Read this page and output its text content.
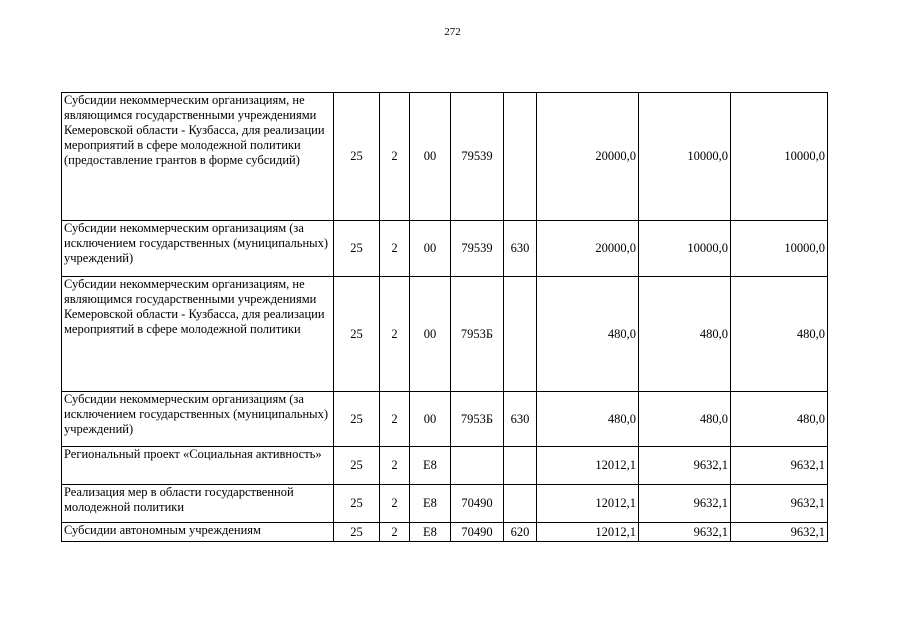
272
Субсидии некоммерческим организациям, не являющимся государственными учреждениями Кемеровской области - Кузбасса, для реализации мероприятий в сфере молодежной политики (предоставление грантов в форме субсидий)	25	2	00	79539		20000,0	10000,0	10000,0
Субсидии некоммерческим организациям (за исключением государственных (муниципальных) учреждений)	25	2	00	79539	630	20000,0	10000,0	10000,0
Субсидии некоммерческим организациям, не являющимся государственными учреждениями Кемеровской области - Кузбасса, для реализации мероприятий в сфере молодежной политики	25	2	00	7953Б		480,0	480,0	480,0
Субсидии некоммерческим организациям (за исключением государственных (муниципальных) учреждений)	25	2	00	7953Б	630	480,0	480,0	480,0
Региональный проект «Социальная активность»	25	2	E8			12012,1	9632,1	9632,1
Реализация мер в области государственной молодежной политики	25	2	E8	70490		12012,1	9632,1	9632,1
Субсидии автономным учреждениям	25	2	E8	70490	620	12012,1	9632,1	9632,1
